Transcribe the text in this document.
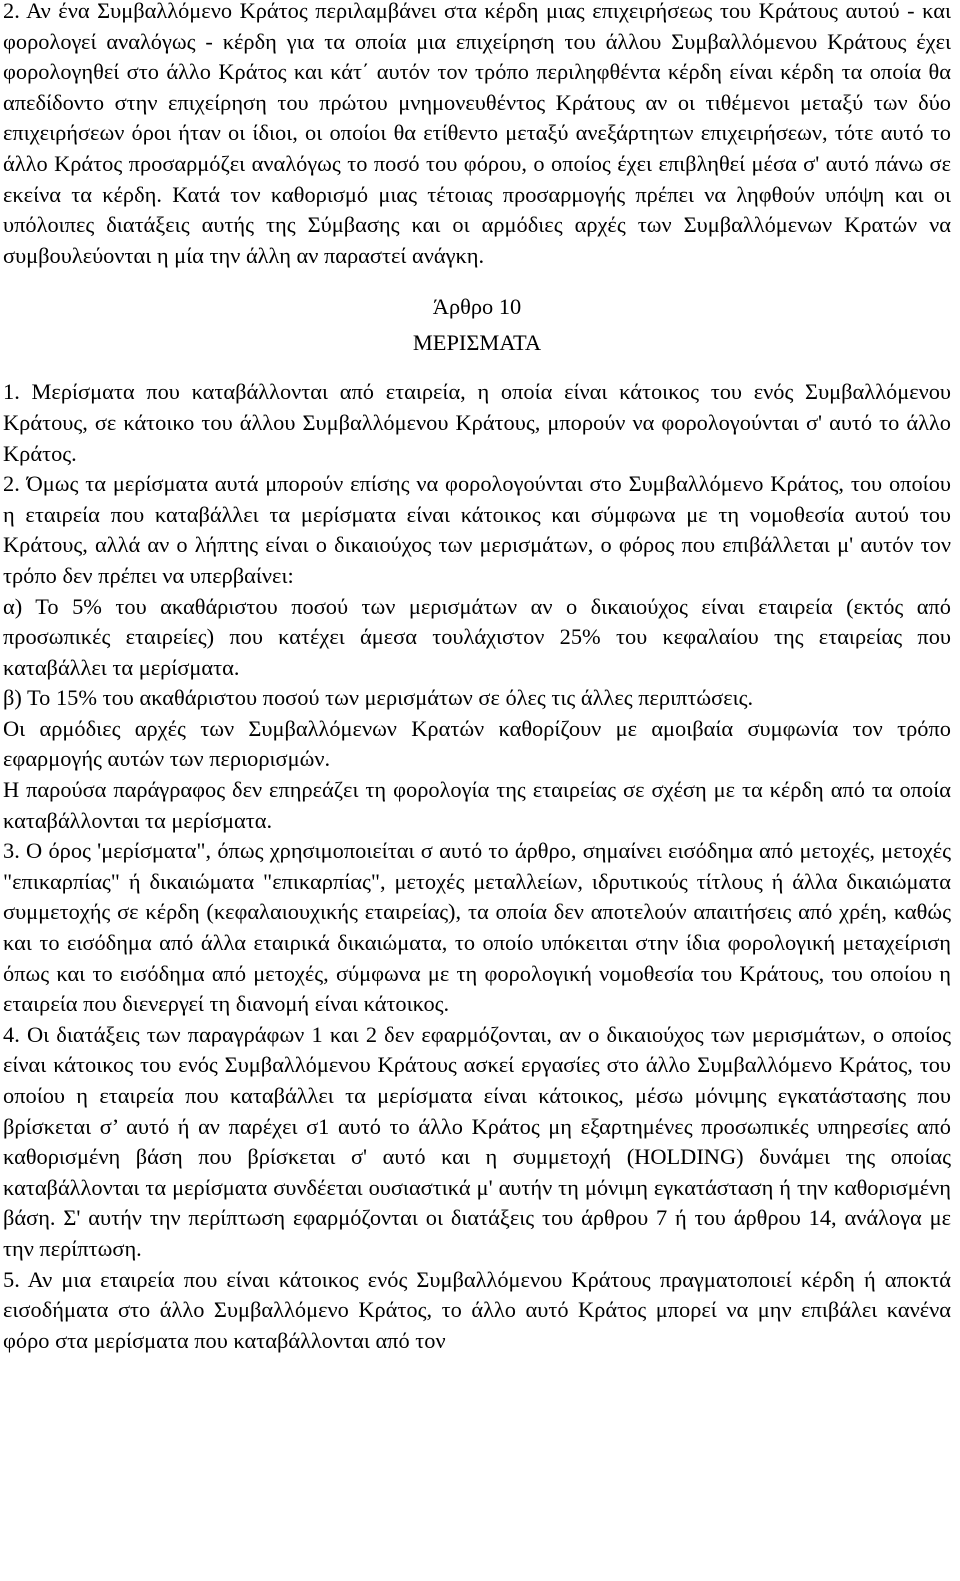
2. Αν ένα Συμβαλλόμενο Κράτος περιλαμβάνει στα κέρδη μιας επιχειρήσεως του Κράτους αυτού - και φορολογεί αναλόγως - κέρδη για τα οποία μια επιχείρηση του άλλου Συμβαλλόμενου Κράτους έχει φορολογηθεί στο άλλο Κράτος και κάτ΄ αυτόν τον τρόπο περιληφθέντα κέρδη είναι κέρδη τα οποία θα απεδίδοντο στην επιχείρηση του πρώτου μνημονευθέντος Κράτους αν οι τιθέμενοι μεταξύ των δύο επιχειρήσεων όροι ήταν οι ίδιοι, οι οποίοι θα ετίθεντο μεταξύ ανεξάρτητων επιχειρήσεων, τότε αυτό το άλλο Κράτος προσαρμόζει αναλόγως το ποσό του φόρου, ο οποίος έχει επιβληθεί μέσα σ' αυτό πάνω σε εκείνα τα κέρδη. Κατά τον καθορισμό μιας τέτοιας προσαρμογής πρέπει να ληφθούν υπόψη και οι υπόλοιπες διατάξεις αυτής της Σύμβασης και οι αρμόδιες αρχές των Συμβαλλόμενων Κρατών να συμβουλεύονται η μία την άλλη αν παραστεί ανάγκη.

Άρθρο 10
ΜΕΡΙΣΜΑΤΑ

1. Μερίσματα που καταβάλλονται από εταιρεία, η οποία είναι κάτοικος του ενός Συμβαλλόμενου Κράτους, σε κάτοικο του άλλου Συμβαλλόμενου Κράτους, μπορούν να φορολογούνται σ' αυτό το άλλο Κράτος.

2. Όμως τα μερίσματα αυτά μπορούν επίσης να φορολογούνται στο Συμβαλλόμενο Κράτος, του οποίου η εταιρεία που καταβάλλει τα μερίσματα είναι κάτοικος και σύμφωνα με τη νομοθεσία αυτού του Κράτους, αλλά αν ο λήπτης είναι ο δικαιούχος των μερισμάτων, ο φόρος που επιβάλλεται μ' αυτόν τον τρόπο δεν πρέπει να υπερβαίνει:

α) Το 5% του ακαθάριστου ποσού των μερισμάτων αν ο δικαιούχος είναι εταιρεία (εκτός από προσωπικές εταιρείες) που κατέχει άμεσα τουλάχιστον 25% του κεφαλαίου της εταιρείας που καταβάλλει τα μερίσματα.

β) Το 15% του ακαθάριστου ποσού των μερισμάτων σε όλες τις άλλες περιπτώσεις.

Οι αρμόδιες αρχές των Συμβαλλόμενων Κρατών καθορίζουν με αμοιβαία συμφωνία τον τρόπο εφαρμογής αυτών των περιορισμών.

Η παρούσα παράγραφος δεν επηρεάζει τη φορολογία της εταιρείας σε σχέση με τα κέρδη από τα οποία καταβάλλονται τα μερίσματα.

3. Ο όρος 'μερίσματα", όπως χρησιμοποιείται σ αυτό το άρθρο, σημαίνει εισόδημα από μετοχές, μετοχές "επικαρπίας" ή δικαιώματα "επικαρπίας", μετοχές μεταλλείων, ιδρυτικούς τίτλους ή άλλα δικαιώματα συμμετοχής σε κέρδη (κεφαλαιουχικής εταιρείας), τα οποία δεν αποτελούν απαιτήσεις από χρέη, καθώς και το εισόδημα από άλλα εταιρικά δικαιώματα, το οποίο υπόκειται στην ίδια φορολογική μεταχείριση όπως και το εισόδημα από μετοχές, σύμφωνα με τη φορολογική νομοθεσία του Κράτους, του οποίου η εταιρεία που διενεργεί τη διανομή είναι κάτοικος.

4. Οι διατάξεις των παραγράφων 1 και 2 δεν εφαρμόζονται, αν ο δικαιούχος των μερισμάτων, ο οποίος είναι κάτοικος του ενός Συμβαλλόμενου Κράτους ασκεί εργασίες στο άλλο Συμβαλλόμενο Κράτος, του οποίου η εταιρεία που καταβάλλει τα μερίσματα είναι κάτοικος, μέσω μόνιμης εγκατάστασης που βρίσκεται σ’ αυτό ή αν παρέχει σ1 αυτό το άλλο Κράτος μη εξαρτημένες προσωπικές υπηρεσίες από καθορισμένη βάση που βρίσκεται σ' αυτό και η συμμετοχή (HOLDING) δυνάμει της οποίας καταβάλλονται τα μερίσματα συνδέεται ουσιαστικά μ' αυτήν τη μόνιμη εγκατάσταση ή την καθορισμένη βάση. Σ' αυτήν την περίπτωση εφαρμόζονται οι διατάξεις του άρθρου 7 ή του άρθρου 14, ανάλογα με την περίπτωση.

5. Αν μια εταιρεία που είναι κάτοικος ενός Συμβαλλόμενου Κράτους πραγματοποιεί κέρδη ή αποκτά εισοδήματα στο άλλο Συμβαλλόμενο Κράτος, το άλλο αυτό Κράτος μπορεί να μην επιβάλει κανένα φόρο στα μερίσματα που καταβάλλονται από τον
